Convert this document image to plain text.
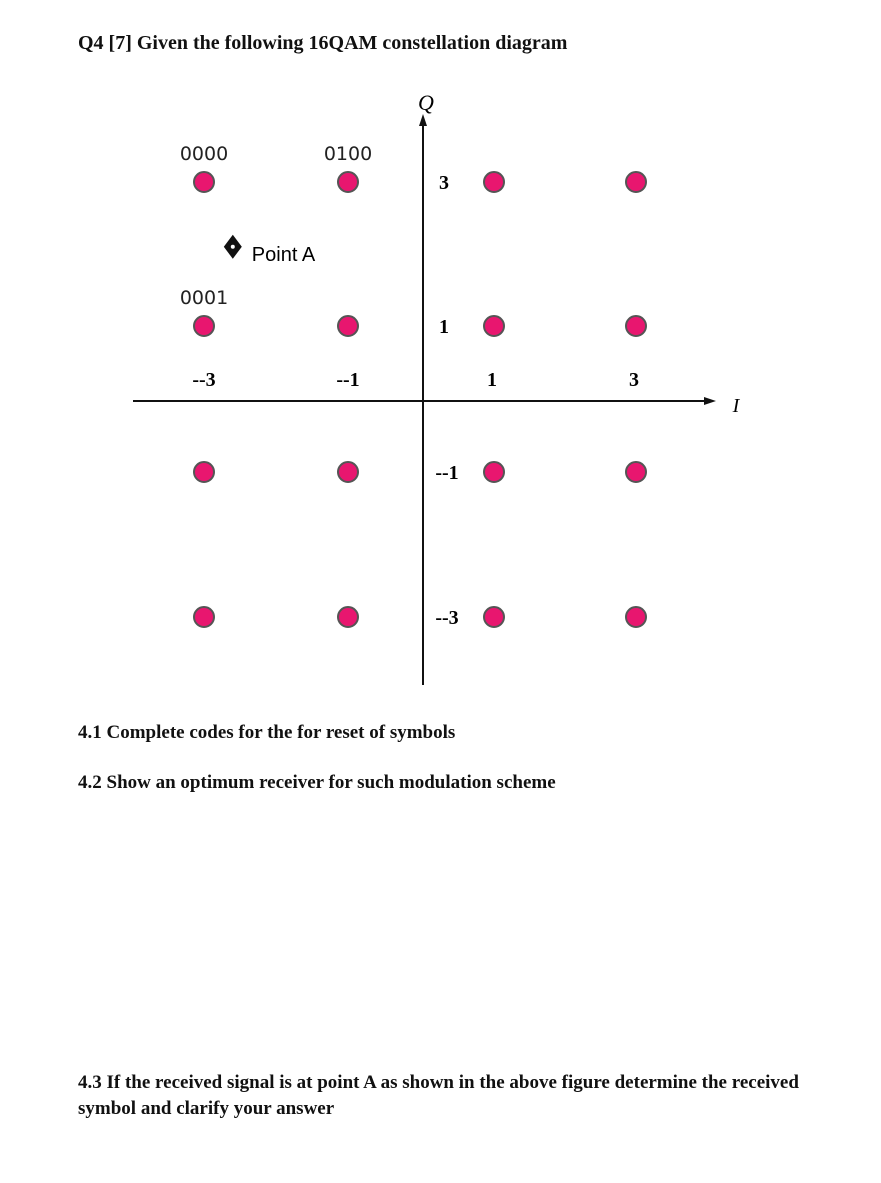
Q4 [7] Given the following 16QAM constellation diagram
I
Q
--3	--1	1	3
3
1
--1
--3
0000	0100
0001
Point A
4.1 Complete codes for the for reset of symbols
4.2 Show an optimum receiver for such modulation scheme
4.3 If the received signal is at point A as shown in the above figure determine the received symbol and clarify your answer
